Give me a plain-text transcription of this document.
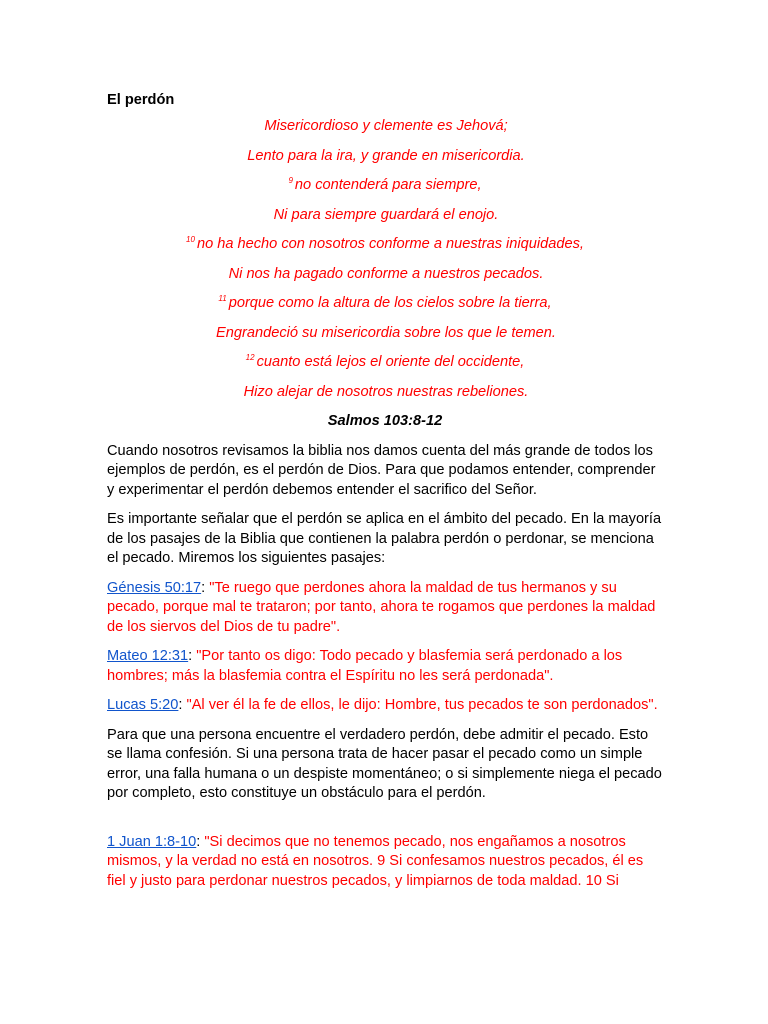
El perdón
Misericordioso y clemente es Jehová;
Lento para la ira, y grande en misericordia.
$^9$ no contenderá para siempre,
Ni para siempre guardará el enojo.
$^{10}$ no ha hecho con nosotros conforme a nuestras iniquidades,
Ni nos ha pagado conforme a nuestros pecados.
$^{11}$ porque como la altura de los cielos sobre la tierra,
Engrandeció su misericordia sobre los que le temen.
$^{12}$ cuanto está lejos el oriente del occidente,
Hizo alejar de nosotros nuestras rebeliones.
Salmos 103:8-12
Cuando nosotros revisamos la biblia nos damos cuenta del más grande de todos los ejemplos de perdón, es el perdón de Dios. Para que podamos entender, comprender y experimentar el perdón debemos entender el sacrifico del Señor.
Es importante señalar que el perdón se aplica en el ámbito del pecado. En la mayoría de los pasajes de la Biblia que contienen la palabra perdón o perdonar, se menciona el pecado. Miremos los siguientes pasajes:
Génesis 50:17: "Te ruego que perdones ahora la maldad de tus hermanos y su pecado, porque mal te trataron; por tanto, ahora te rogamos que perdones la maldad de los siervos del Dios de tu padre".
Mateo 12:31: "Por tanto os digo: Todo pecado y blasfemia será perdonado a los hombres; más la blasfemia contra el Espíritu no les será perdonada".
Lucas 5:20: "Al ver él la fe de ellos, le dijo: Hombre, tus pecados te son perdonados".
Para que una persona encuentre el verdadero perdón, debe admitir el pecado. Esto se llama confesión. Si una persona trata de hacer pasar el pecado como un simple error, una falla humana o un despiste momentáneo; o si simplemente niega el pecado por completo, esto constituye un obstáculo para el perdón.
1 Juan 1:8-10: "Si decimos que no tenemos pecado, nos engañamos a nosotros mismos, y la verdad no está en nosotros. 9 Si confesamos nuestros pecados, él es fiel y justo para perdonar nuestros pecados, y limpiarnos de toda maldad. 10 Si
